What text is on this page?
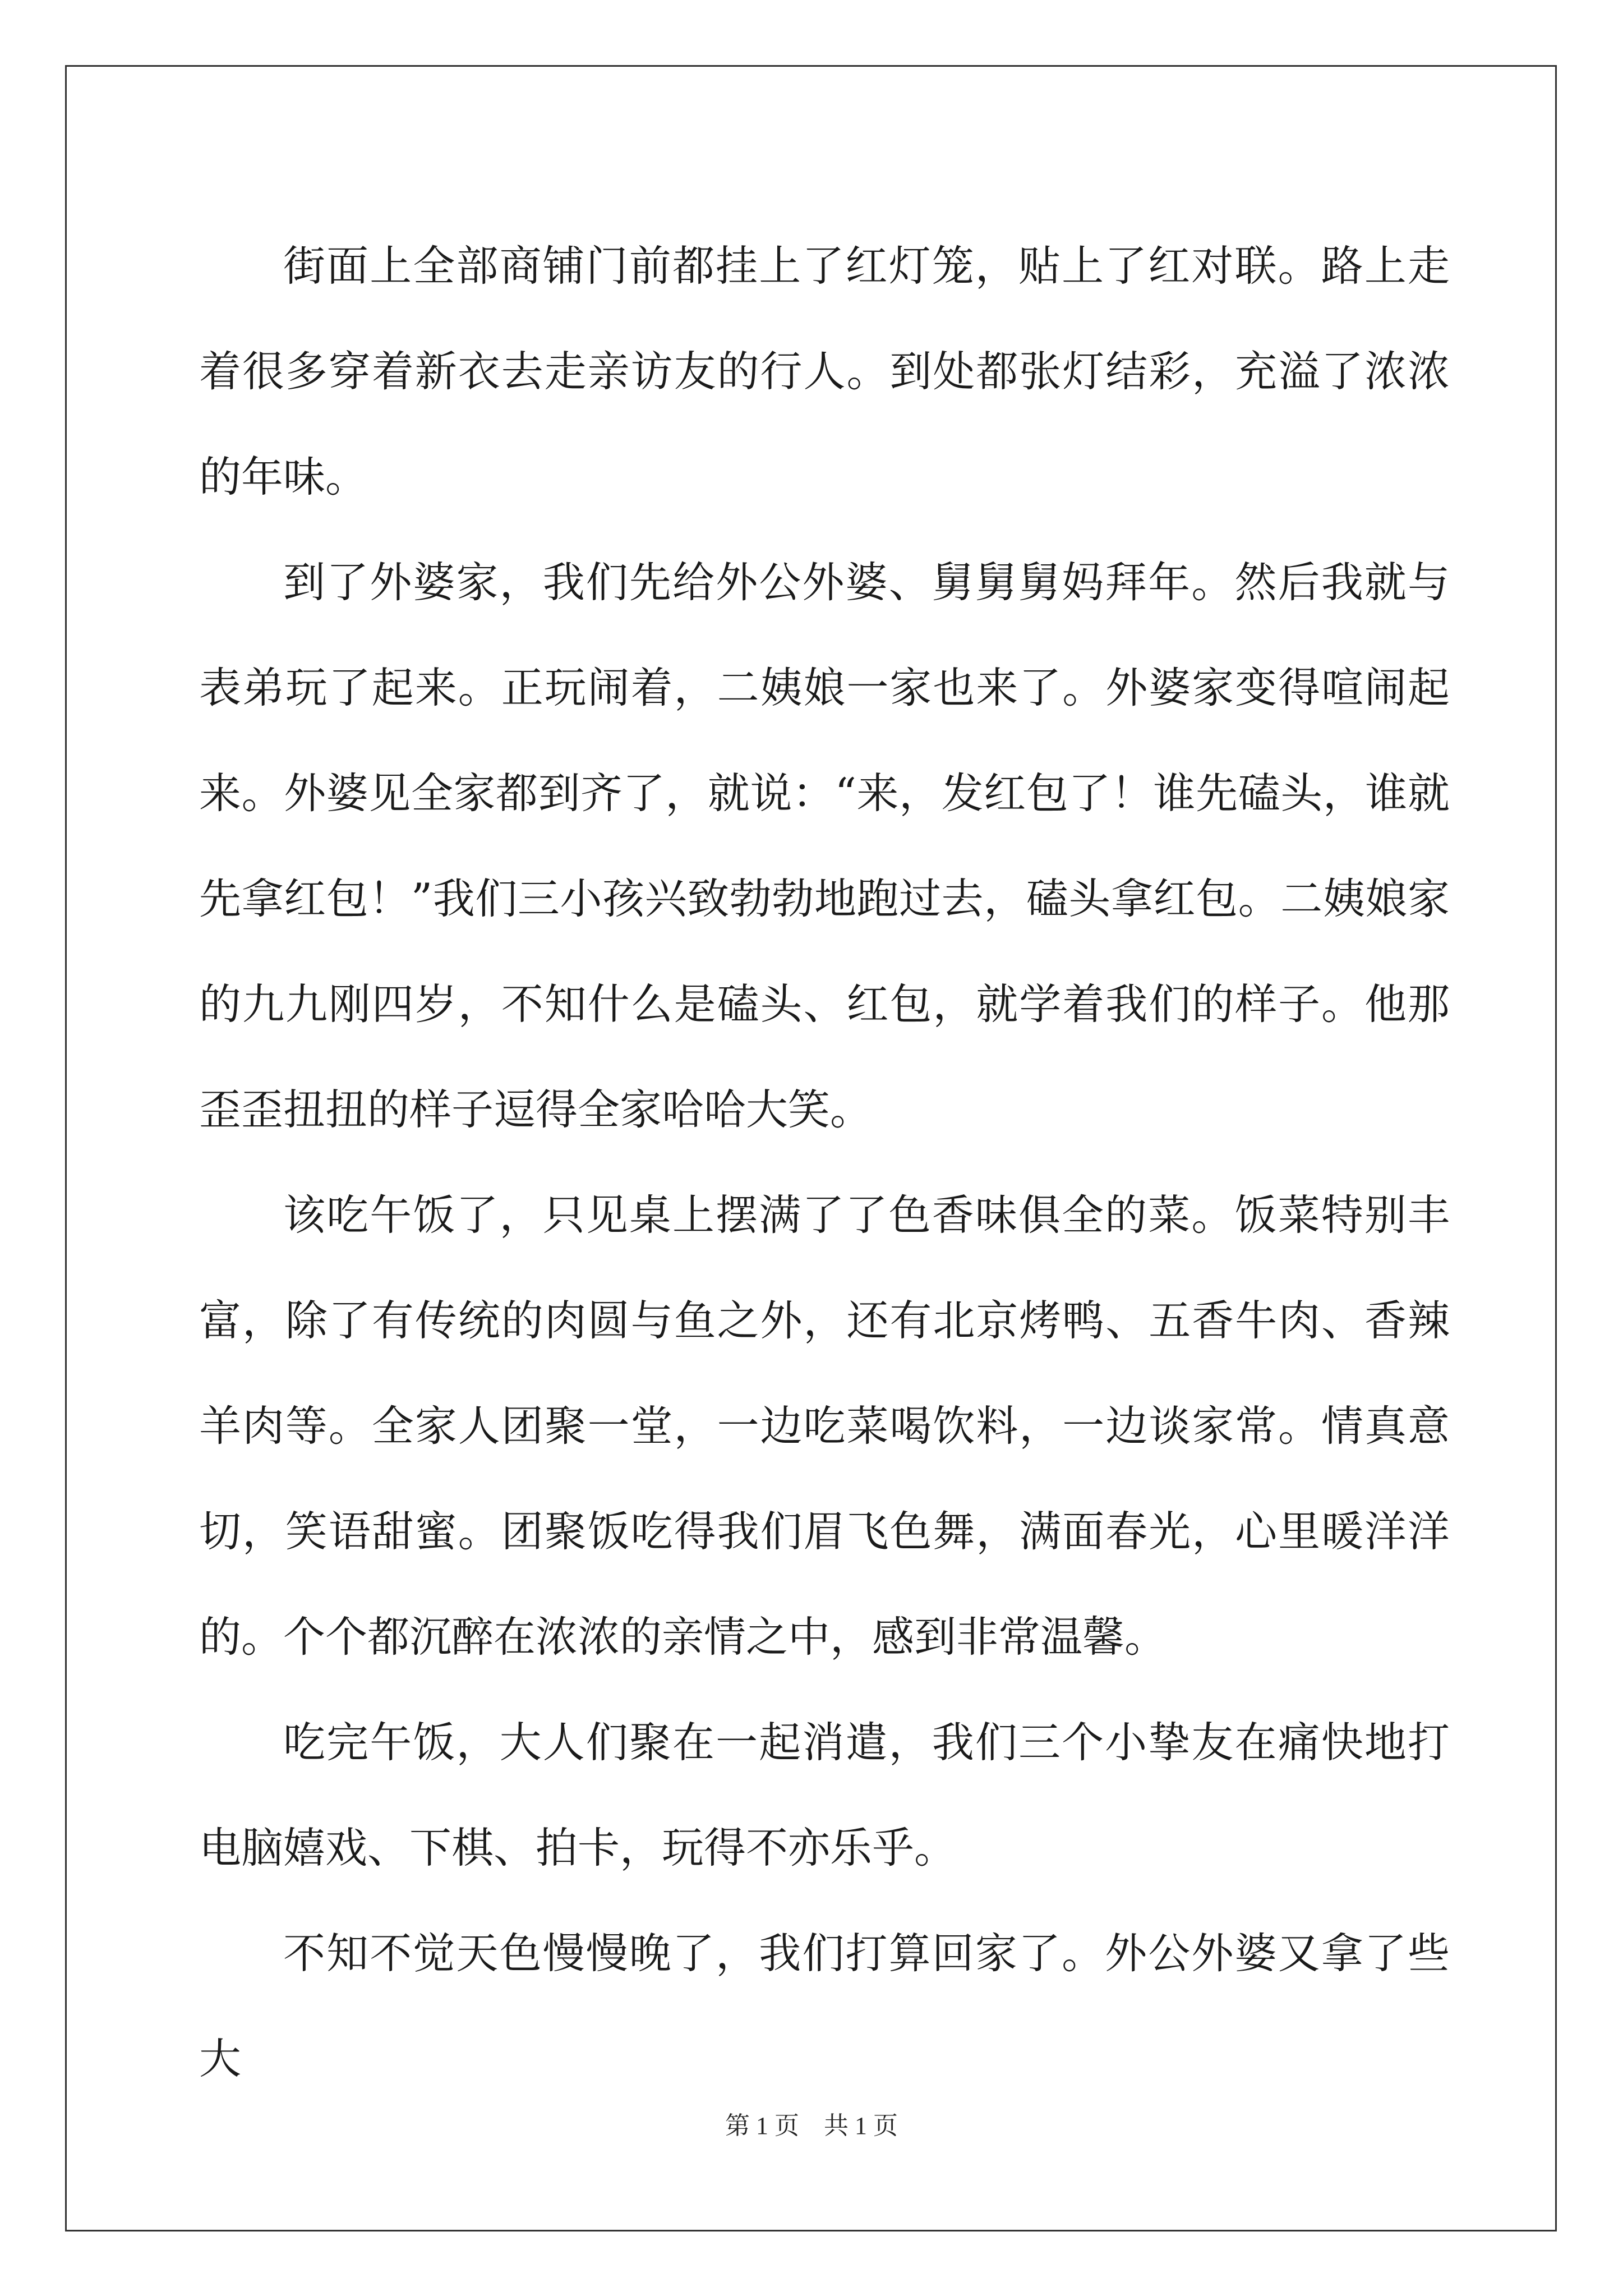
街面上全部商铺门前都挂上了红灯笼，贴上了红对联。路上走着很多穿着新衣去走亲访友的行人。到处都张灯结彩，充溢了浓浓的年味。

到了外婆家，我们先给外公外婆、舅舅舅妈拜年。然后我就与表弟玩了起来。正玩闹着，二姨娘一家也来了。外婆家变得喧闹起来。外婆见全家都到齐了，就说：“来，发红包了！谁先磕头，谁就先拿红包！”我们三小孩兴致勃勃地跑过去，磕头拿红包。二姨娘家的九九刚四岁，不知什么是磕头、红包，就学着我们的样子。他那歪歪扭扭的样子逗得全家哈哈大笑。

该吃午饭了，只见桌上摆满了了色香味俱全的菜。饭菜特别丰富，除了有传统的肉圆与鱼之外，还有北京烤鸭、五香牛肉、香辣羊肉等。全家人团聚一堂，一边吃菜喝饮料，一边谈家常。情真意切，笑语甜蜜。团聚饭吃得我们眉飞色舞，满面春光，心里暖洋洋的。个个都沉醉在浓浓的亲情之中，感到非常温馨。

吃完午饭，大人们聚在一起消遣，我们三个小挚友在痛快地打电脑嬉戏、下棋、拍卡，玩得不亦乐乎。

不知不觉天色慢慢晚了，我们打算回家了。外公外婆又拿了些大

第 1 页    共 1 页
